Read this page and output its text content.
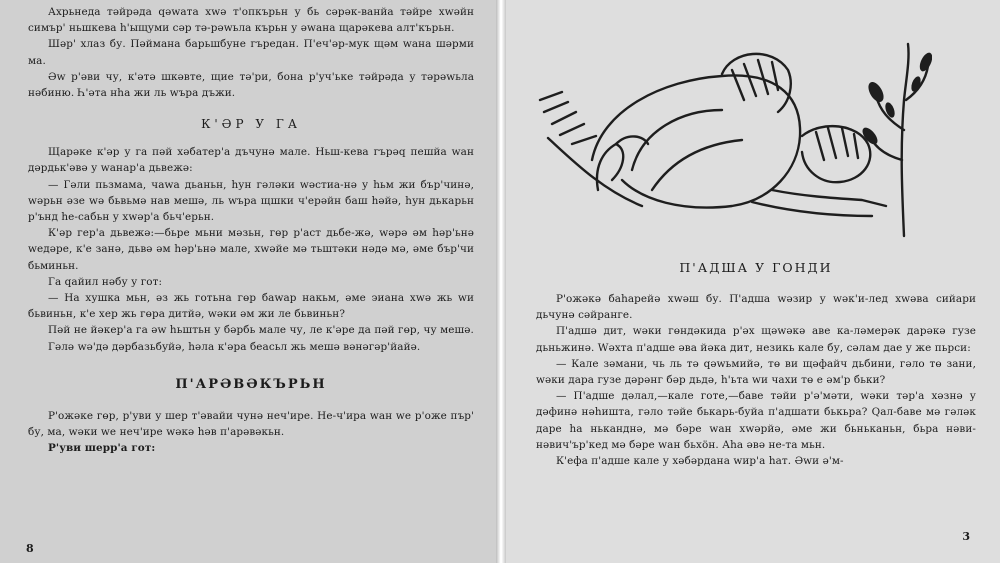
Ахрьнеда тәйрәда qәwата хwә т'опкърьн у бь сәрәк-ванйа тәйре хwәйн симър' ньшкева һ'ыщуми сәр тә-рәwьла кърьн у әwана щарәкева алт'кърьн.

Шәр' хлаз бу. Пәйманa барьшбуне гъредан. П'еч'әр-мук щәм wана шәрми ма.

Әw р'әви чу, к'әтә шкәвте, щие тә'ри, бона р'уч'ьке тәйрәда у тәрәwьла нәбиню. Һ'әта нһа жи ль wъра дъжи.

К'ӘР У ГА

Щарәке к'әр у га пәй хәбатер'а дъчунә мале. Ньш-кева гърәq пешйа wан дәрдьк'әвә у wанар'а дьвежә:

— Гәли пьзмама, чаwа дьаньн, һун гәләки wәстиа-нә у һьм жи бър'чинә, wәрьн әзе wә бьвьмә нав мешә, ль wъра щшки ч'ерәйн баш һәйә, һун дькарьн р'ънд һе-сабьн у хwәр'а бьч'ерьн.

К'әр гер'а дьвежә:—бьре мьни мәзьн, гөр р'аст дьбе-жә, wәрә әм һәр'ьнә wедәре, к'е занә, дьвә әм һәр'ьнә мале, хwәйе мә тьштәки нәдә мә, әме бър'чи бьминьн.

Га qайил нәбу у гот:

— На хушка мьн, әз жь готьна гөр баwар накьм, әме эиана хwә жь wи бьвиньн, к'е хер жь гөра дитйә, wәки әм жи ле бьвиньн?

Пәй не йәкер'а га әw һьштьн у бәрбь мале чу, ле к'әре да пәй гөр, чу мешә.

Гәлә wә'дә дәрбазьбуйә, һәла к'әра беасьл жь мешә вәнәгәр'йайә.

П'АРӘВӘКЪРЬН

Р'ожәке гөр, р'уви у шер т'әвайи чунә неч'ире. Не-ч'ира wан wе р'оже пър' бу, ма, wәки wе неч'ире wәкә һәв п'арәвәкьн.

Р'уви шерр'а гот:

8
П'АДША У ГОНДИ

Р'ожәкә баһарейә хwәш бу. П'адша wәзир у wәк'и-лед хwәва сийари дьчунә сәйранге.

П'адшә дит, wәки гөндәкида р'әх щәwәкә аве ка-ләмерәк дарәкә гузе дьньжинә. Wәхта п'адше әва йәка дит, незикь кале бу, сәлам дае у же пьрси:

— Кале зәмани, чь ль тә qәwьмийә, тө ви щәфайч дьбини, гәло тө зани, wәки дара гузе дәрәнг бәр дьдә, һ'ьта wи чахи тө е әм'р бьки?

— П'адше дәлал,—кале готе,—баве тәйи р'ә'мәти, wәки тәр'а хәзнә у дәфинә нәһишта, гәло тәйе бькарь-буйа п'адшати бькьра? Qал-баве мә гәләк даре һа ньканднә, мә бәре wан хwәрйә, әме жи бьньканьн, бьра нәви-нәвич'ър'кед мә бәре wан бьхöн. Аһа әвә не-та мьн.

К'ефа п'адше кале у хәбәрдана wир'а һат. Әwи ә'м-

3
